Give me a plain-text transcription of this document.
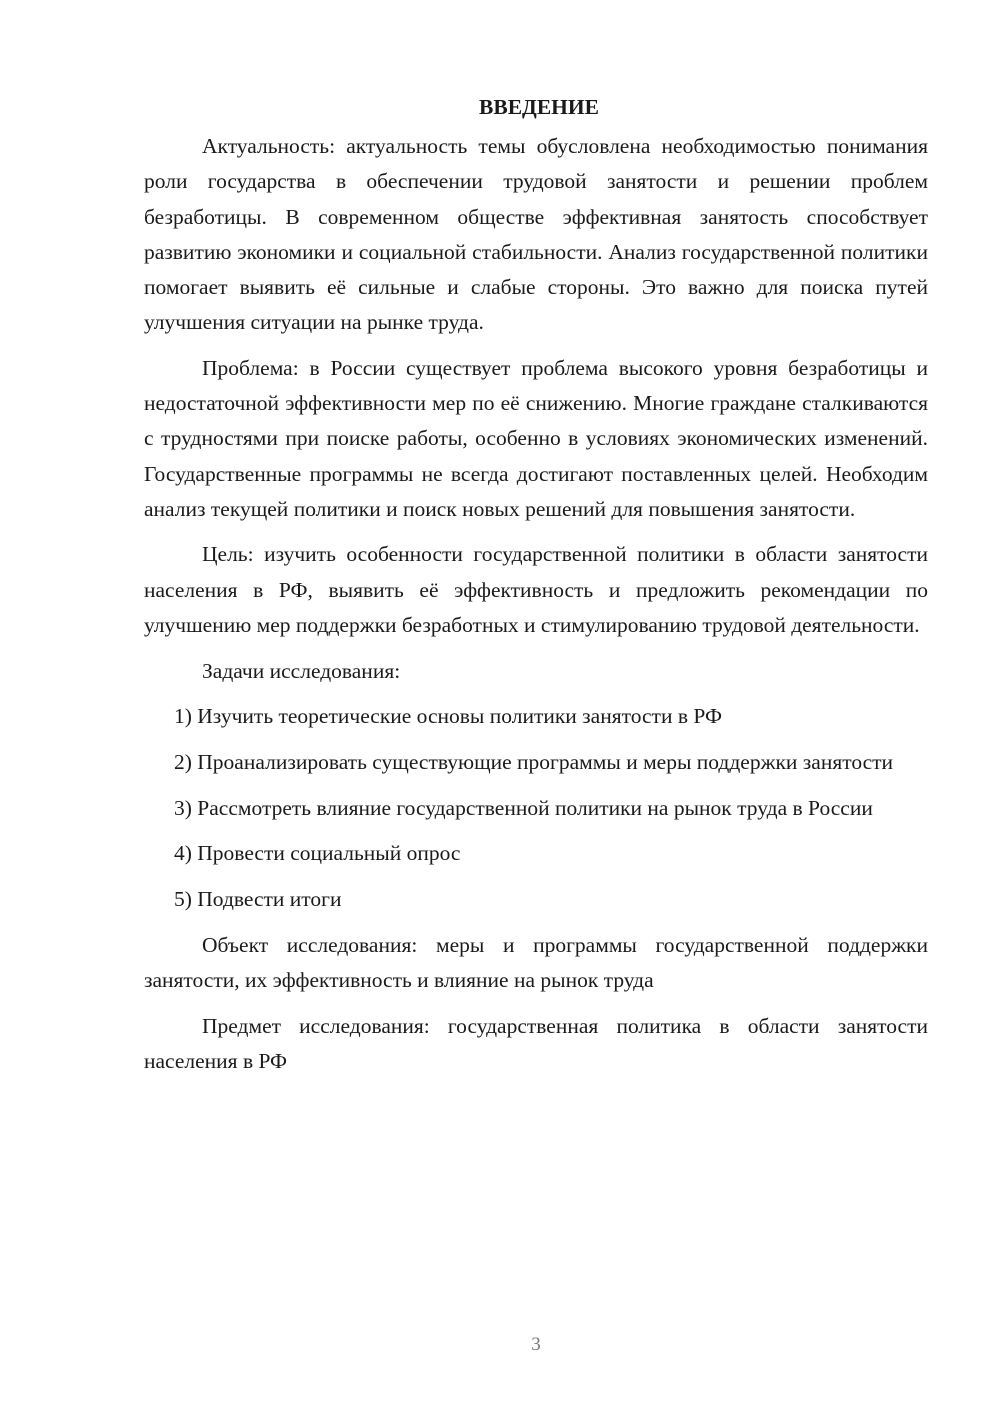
ВВЕДЕНИЕ

Актуальность: актуальность темы обусловлена необходимостью понимания роли государства в обеспечении трудовой занятости и решении проблем безработицы. В современном обществе эффективная занятость способствует развитию экономики и социальной стабильности. Анализ государственной политики помогает выявить её сильные и слабые стороны. Это важно для поиска путей улучшения ситуации на рынке труда.

Проблема: в России существует проблема высокого уровня безработицы и недостаточной эффективности мер по её снижению. Многие граждане сталкиваются с трудностями при поиске работы, особенно в условиях экономических изменений. Государственные программы не всегда достигают поставленных целей. Необходим анализ текущей политики и поиск новых решений для повышения занятости.

Цель: изучить особенности государственной политики в области занятости населения в РФ, выявить её эффективность и предложить рекомендации по улучшению мер поддержки безработных и стимулированию трудовой деятельности.

Задачи исследования:

1) Изучить теоретические основы политики занятости в РФ

2) Проанализировать существующие программы и меры поддержки занятости

3) Рассмотреть влияние государственной политики на рынок труда в России

4) Провести социальный опрос

5) Подвести итоги

Объект исследования: меры и программы государственной поддержки занятости, их эффективность и влияние на рынок труда

Предмет исследования: государственная политика в области занятости населения в РФ

3
